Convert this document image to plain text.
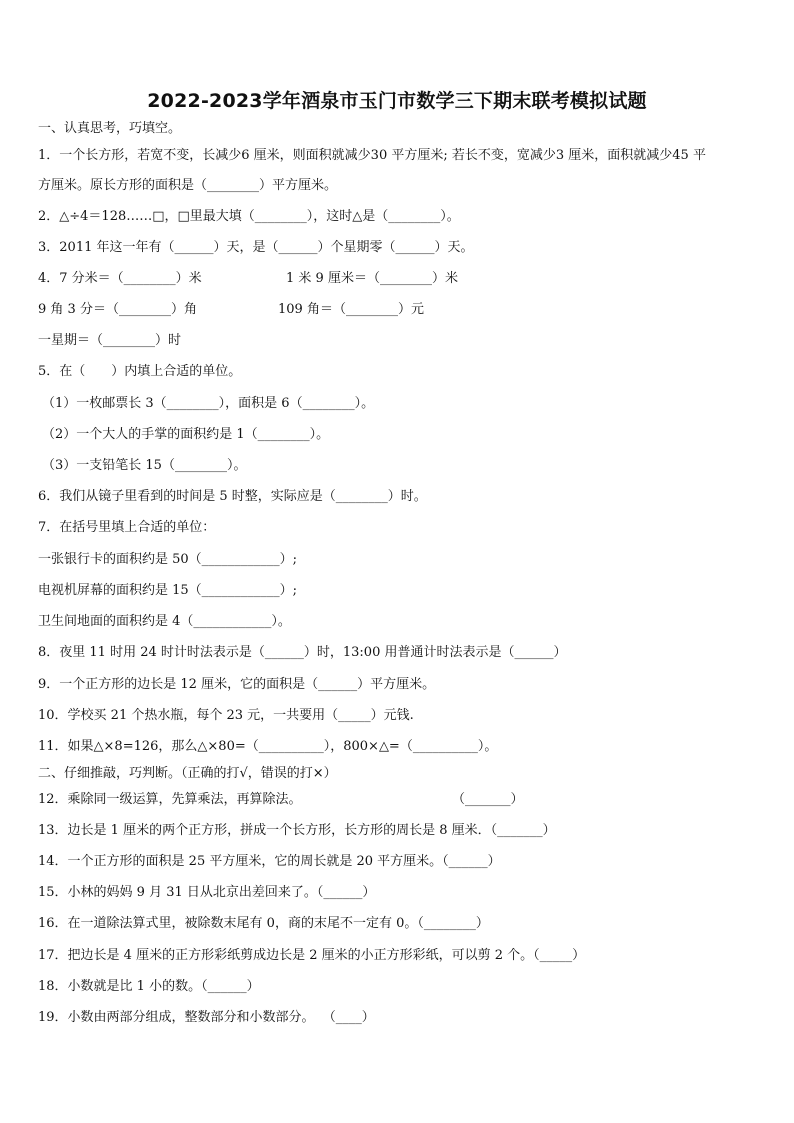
2022-2023学年酒泉市玉门市数学三下期末联考模拟试题
一、认真思考，巧填空。
1．一个长方形，若宽不变，长减少6 厘米，则面积就减少30 平方厘米; 若长不变，宽减少3 厘米，面积就减少45 平
方厘米。原长方形的面积是（________）平方厘米。
2．△÷4＝128……□，□里最大填（________），这时△是（________）。
3．2011 年这一年有（______）天，是（______）个星期零（______）天。
4．7 分米＝（________）米	1 米 9 厘米＝（________）米
9 角 3 分＝（________）角	109 角＝（________）元
一星期＝（________）时
5．在（　　）内填上合适的单位。
（1）一枚邮票长 3（________），面积是 6（________）。
（2）一个大人的手掌的面积约是 1（________）。
（3）一支铅笔长 15（________）。
6．我们从镜子里看到的时间是 5 时整，实际应是（________）时。
7．在括号里填上合适的单位：
一张银行卡的面积约是 50（____________）;
电视机屏幕的面积约是 15（____________）;
卫生间地面的面积约是 4（____________）。
8．夜里 11 时用 24 时计时法表示是（______）时，13:00 用普通计时法表示是（______）
9．一个正方形的边长是 12 厘米，它的面积是（______）平方厘米。
10．学校买 21 个热水瓶，每个 23 元，一共要用（_____）元钱.
11．如果△×8=126，那么△×80=（__________），800×△=（__________）。
二、仔细推敲，巧判断。（正确的打√，错误的打×）
12．乘除同一级运算，先算乘法，再算除法。	（_______）
13．边长是 1 厘米的两个正方形，拼成一个长方形，长方形的周长是 8 厘米．（_______）
14．一个正方形的面积是 25 平方厘米，它的周长就是 20 平方厘米。（______）
15．小林的妈妈 9 月 31 日从北京出差回来了。（______）
16．在一道除法算式里，被除数末尾有 0，商的末尾不一定有 0。（________）
17．把边长是 4 厘米的正方形彩纸剪成边长是 2 厘米的小正方形彩纸，可以剪 2 个。（_____）
18．小数就是比 1 小的数。（______）
19．小数由两部分组成，整数部分和小数部分。  （____）
